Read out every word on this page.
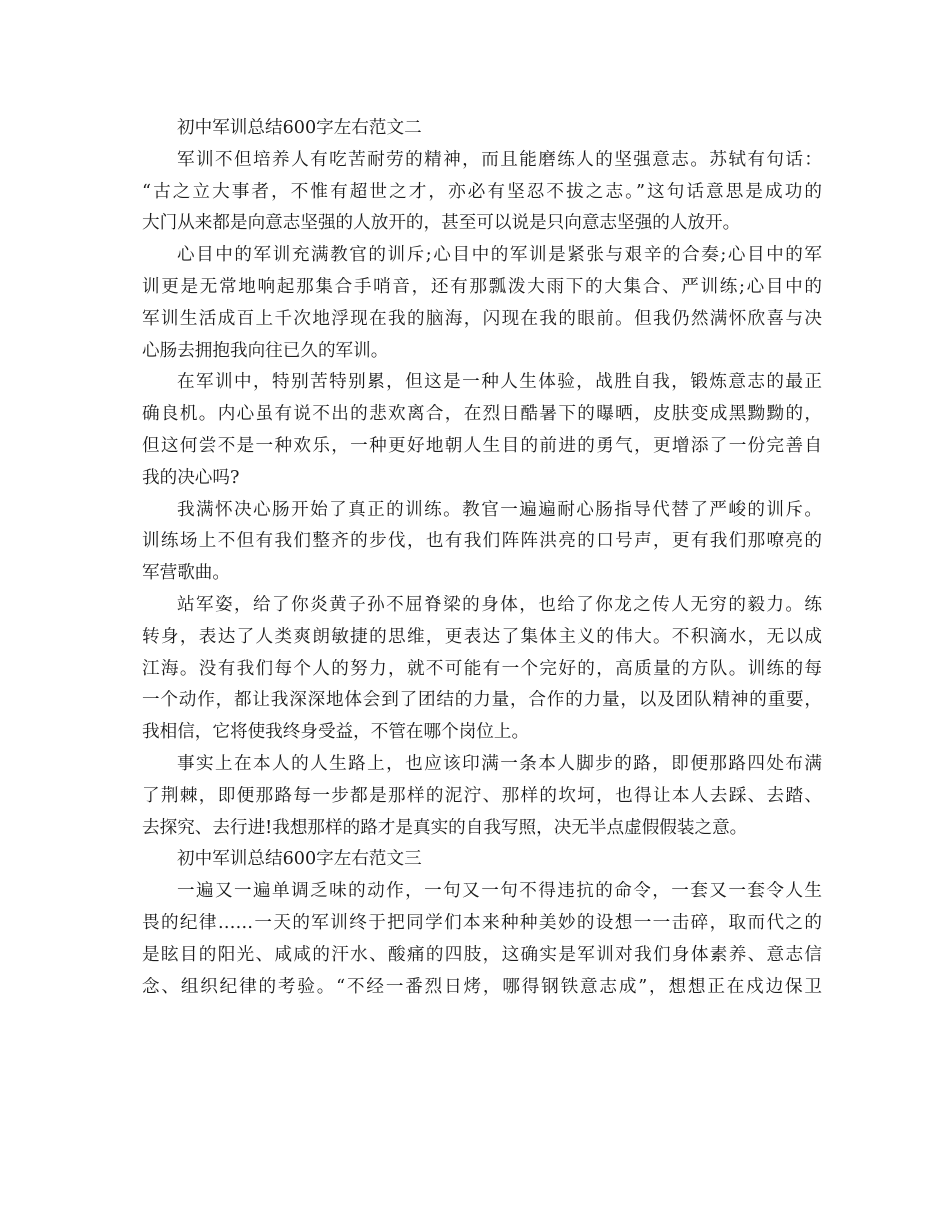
初中军训总结600字左右范文二
军训不但培养人有吃苦耐劳的精神，而且能磨练人的坚强意志。苏轼有句话：
“古之立大事者，不惟有超世之才，亦必有坚忍不拔之志。”这句话意思是成功的
大门从来都是向意志坚强的人放开的，甚至可以说是只向意志坚强的人放开。
心目中的军训充满教官的训斥;心目中的军训是紧张与艰辛的合奏;心目中的军
训更是无常地响起那集合手哨音，还有那瓢泼大雨下的大集合、严训练;心目中的
军训生活成百上千次地浮现在我的脑海，闪现在我的眼前。但我仍然满怀欣喜与决
心肠去拥抱我向往已久的军训。
在军训中，特别苦特别累，但这是一种人生体验，战胜自我，锻炼意志的最正
确良机。内心虽有说不出的悲欢离合，在烈日酷暑下的曝晒，皮肤变成黑黝黝的，
但这何尝不是一种欢乐，一种更好地朝人生目的前进的勇气，更增添了一份完善自
我的决心吗?
我满怀决心肠开始了真正的训练。教官一遍遍耐心肠指导代替了严峻的训斥。
训练场上不但有我们整齐的步伐，也有我们阵阵洪亮的口号声，更有我们那嘹亮的
军营歌曲。
站军姿，给了你炎黄子孙不屈脊梁的身体，也给了你龙之传人无穷的毅力。练
转身，表达了人类爽朗敏捷的思维，更表达了集体主义的伟大。不积滴水，无以成
江海。没有我们每个人的努力，就不可能有一个完好的，高质量的方队。训练的每
一个动作，都让我深深地体会到了团结的力量，合作的力量，以及团队精神的重要，
我相信，它将使我终身受益，不管在哪个岗位上。
事实上在本人的人生路上，也应该印满一条本人脚步的路，即便那路四处布满
了荆棘，即便那路每一步都是那样的泥泞、那样的坎坷，也得让本人去踩、去踏、
去探究、去行进!我想那样的路才是真实的自我写照，决无半点虚假假装之意。
初中军训总结600字左右范文三
一遍又一遍单调乏味的动作，一句又一句不得违抗的命令，一套又一套令人生
畏的纪律……一天的军训终于把同学们本来种种美妙的设想一一击碎，取而代之的
是眩目的阳光、咸咸的汗水、酸痛的四肢，这确实是军训对我们身体素养、意志信
念、组织纪律的考验。“不经一番烈日烤，哪得钢铁意志成”，想想正在戍边保卫
